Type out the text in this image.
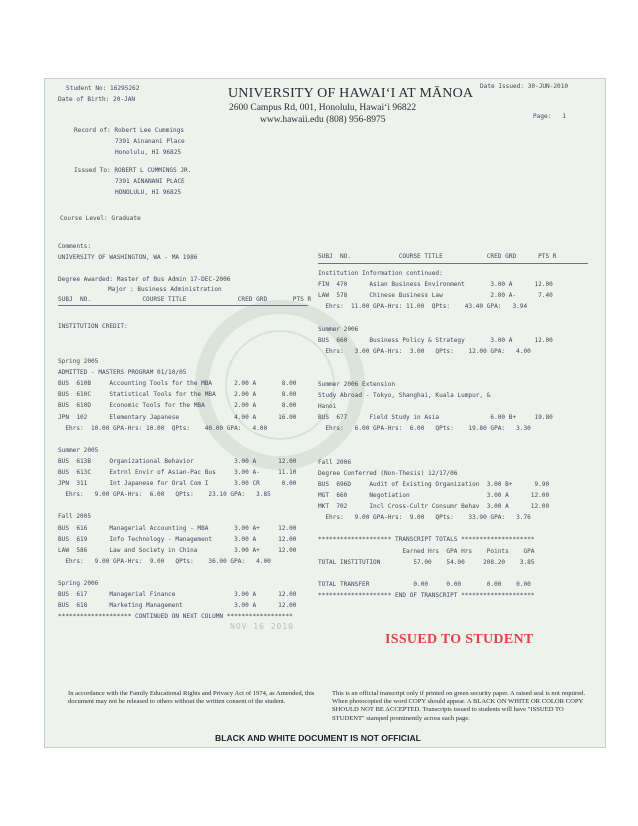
Student No: 16295262
Date of Birth: 20-JAN	UNIVERSITY OF HAWAI‘I AT MĀNOA
2600 Campus Rd, 001, Honolulu, Hawai‘i 96822
www.hawaii.edu (808) 956-8975
Date Issued: 30-JUN-2010
Page:   1
Record of: Robert Lee Cummings
7391 Ainanani Place
Honolulu, HI 96825
Issued To: ROBERT L CUMMINGS JR.
7391 AINANANI PLACE
HONOLULU, HI 96825
Course Level: Graduate
Comments:
UNIVERSITY OF WASHINGTON, WA - MA 1986
Degree Awarded: Master of Bus Admin 17-DEC-2006
Major : Business Administration
SUBJ  NO.              COURSE TITLE              CRED GRD       PTS R
INSTITUTION CREDIT:
Spring 2005
ADMITTED - MASTERS PROGRAM 01/10/05
BUS  610B     Accounting Tools for the MBA      2.00 A       8.00
BUS  610C     Statistical Tools for the MBA     2.00 A       8.00
BUS  610D     Economic Tools for the MBA        2.00 A       8.00
JPN  102      Elementary Japanese               4.00 A      16.00
Ehrs:  10.00 GPA-Hrs: 10.00  QPts:    40.00 GPA:   4.00
Summer 2005
BUS  613B     Organizational Behavior           3.00 A      12.00
BUS  613C     Extrnl Envir of Asian-Pac Bus     3.00 A-     11.10
JPN  311      Int Japanese for Oral Com I       3.00 CR      0.00
Ehrs:   9.00 GPA-Hrs:  6.00   QPts:    23.10 GPA:   3.85
Fall 2005
BUS  616      Managerial Accounting - MBA       3.00 A+     12.00
BUS  619      Info Technology - Management      3.00 A      12.00
LAW  586      Law and Society in China          3.00 A+     12.00
Ehrs:   9.00 GPA-Hrs:  9.00   QPts:    36.00 GPA:   4.00
Spring 2006
BUS  617      Managerial Finance                3.00 A      12.00
BUS  618      Marketing Management              3.00 A      12.00
******************** CONTINUED ON NEXT COLUMN ******************
SUBJ  NO.             COURSE TITLE            CRED GRD      PTS R
Institution Information continued:
FIN  470      Asian Business Environment       3.00 A      12.00
LAW  578      Chinese Business Law             2.00 A-      7.40
Ehrs:  11.00 GPA-Hrs: 11.00  QPts:    43.40 GPA:   3.94
Summer 2006
BUS  660      Business Policy & Strategy       3.00 A      12.00
Ehrs:   3.00 GPA-Hrs:  3.00   QPts:    12.00 GPA:   4.00
Summer 2006 Extension
Study Abroad - Tokyo, Shanghai, Kuala Lumpur, &
Hanoi
BUS  677      Field Study in Asia              6.00 B+     19.80
Ehrs:   6.00 GPA-Hrs:  6.00   QPts:    19.80 GPA:   3.30
Fall 2006
Degree Conferred (Non-Thesis) 12/17/06
BUS  696D     Audit of Existing Organization  3.00 B+      9.90
MGT  660      Negotiation                     3.00 A      12.00
MKT  702      Incl Cross-Cultr Consumr Behav  3.00 A      12.00
Ehrs:   9.00 GPA-Hrs:  9.00   QPts:    33.90 GPA:   3.76
******************** TRANSCRIPT TOTALS ********************
Earned Hrs  GPA Hrs    Points    GPA
TOTAL INSTITUTION         57.00    54.00     208.20    3.85
TOTAL TRANSFER            0.00     0.00       0.00    0.00
******************** END OF TRANSCRIPT ********************
NOV 16 2010
ISSUED TO STUDENT
In accordance with the Family Educational Rights and Privacy Act of 1974, as Amended, this document may not be released to others without the written consent of the student.
This is an official transcript only if printed on green security paper. A raised seal is not required. When photocopied the word COPY should appear. A BLACK ON WHITE OR COLOR COPY SHOULD NOT BE ACCEPTED. Transcripts issued to students will have "ISSUED TO STUDENT" stamped prominently across each page.
BLACK AND WHITE DOCUMENT IS NOT OFFICIAL
